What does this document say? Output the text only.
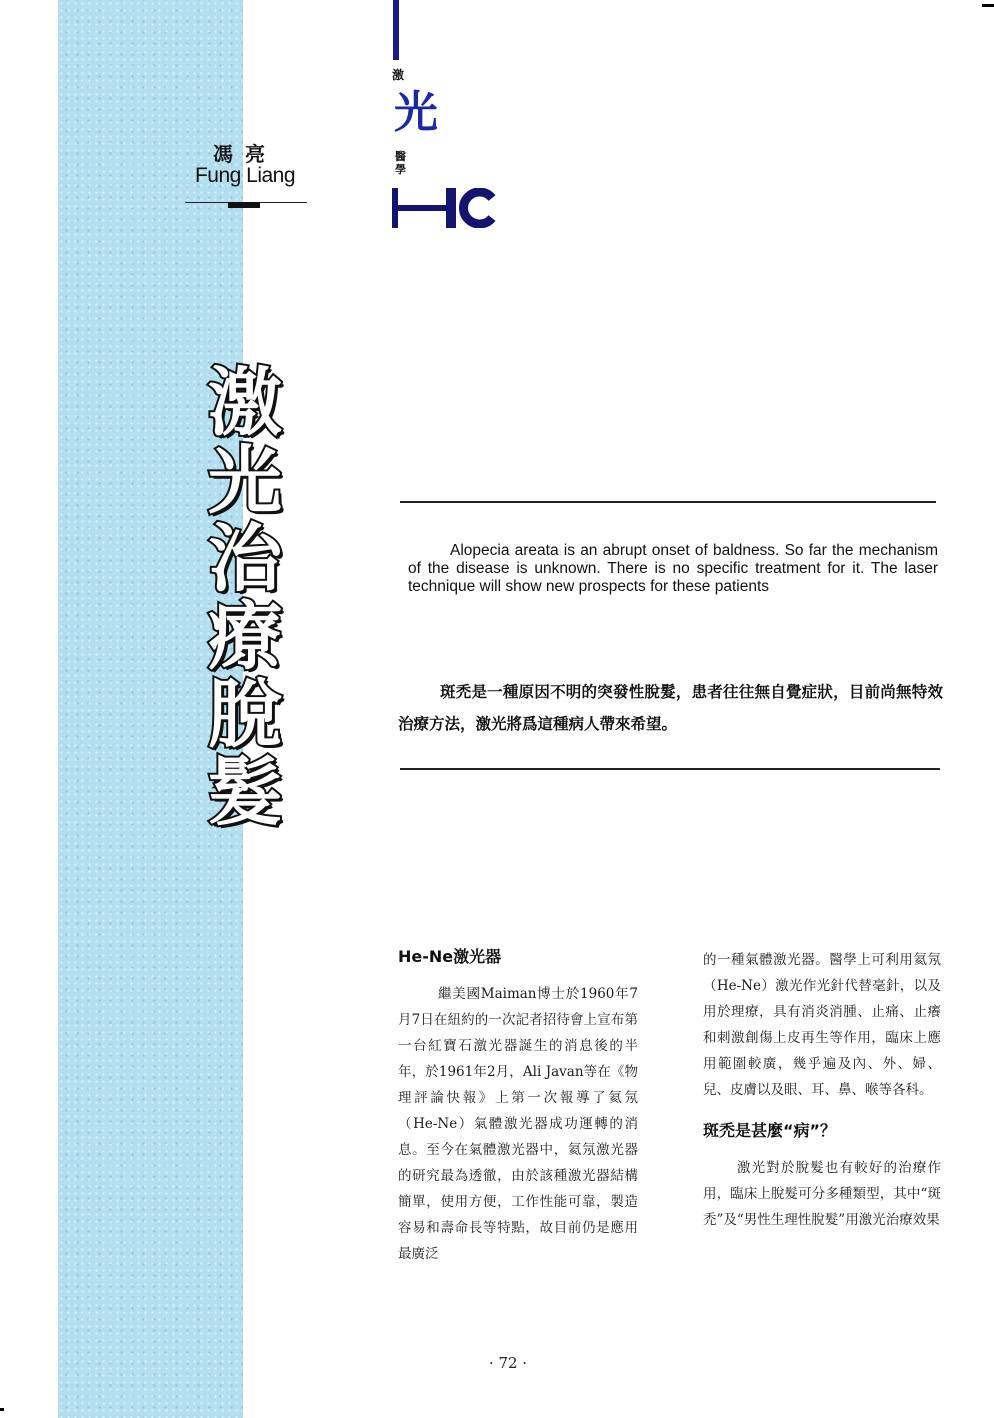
馮亮
Fung Liang
激
光
醫學
激
光
治
療
脫
髮

Alopecia areata is an abrupt onset of baldness. So far the mechanism of the disease is unknown. There is no specific treatment for it. The laser technique will show new prospects for these patients

斑禿是一種原因不明的突發性脫髮，患者往往無自覺症狀，目前尚無特效治療方法，激光將爲這種病人帶來希望。

He-Ne激光器

繼美國Maiman博士於1960年7月7日在紐約的一次記者招待會上宣布第一台紅寶石激光器誕生的消息後的半年，於1961年2月，Ali Javan等在《物理評論快報》上第一次報導了氦氖（He-Ne）氣體激光器成功運轉的消息。至今在氣體激光器中，氦氖激光器的研究最為透徹，由於該種激光器結構簡單，使用方便，工作性能可靠，製造容易和壽命長等特點，故目前仍是應用最廣泛

的一種氣體激光器。醫學上可利用氦氖（He-Ne）激光作光針代替毫針，以及用於理療，具有消炎消腫、止痛、止癢和刺激創傷上皮再生等作用，臨床上應用範圍較廣，幾乎遍及內、外、婦、兒、皮膚以及眼、耳、鼻、喉等各科。

斑禿是甚麼“病”？

激光對於脫髮也有較好的治療作用，臨床上脫髮可分多種類型，其中“斑禿”及“男性生理性脫髮”用激光治療效果

· 72 ·
